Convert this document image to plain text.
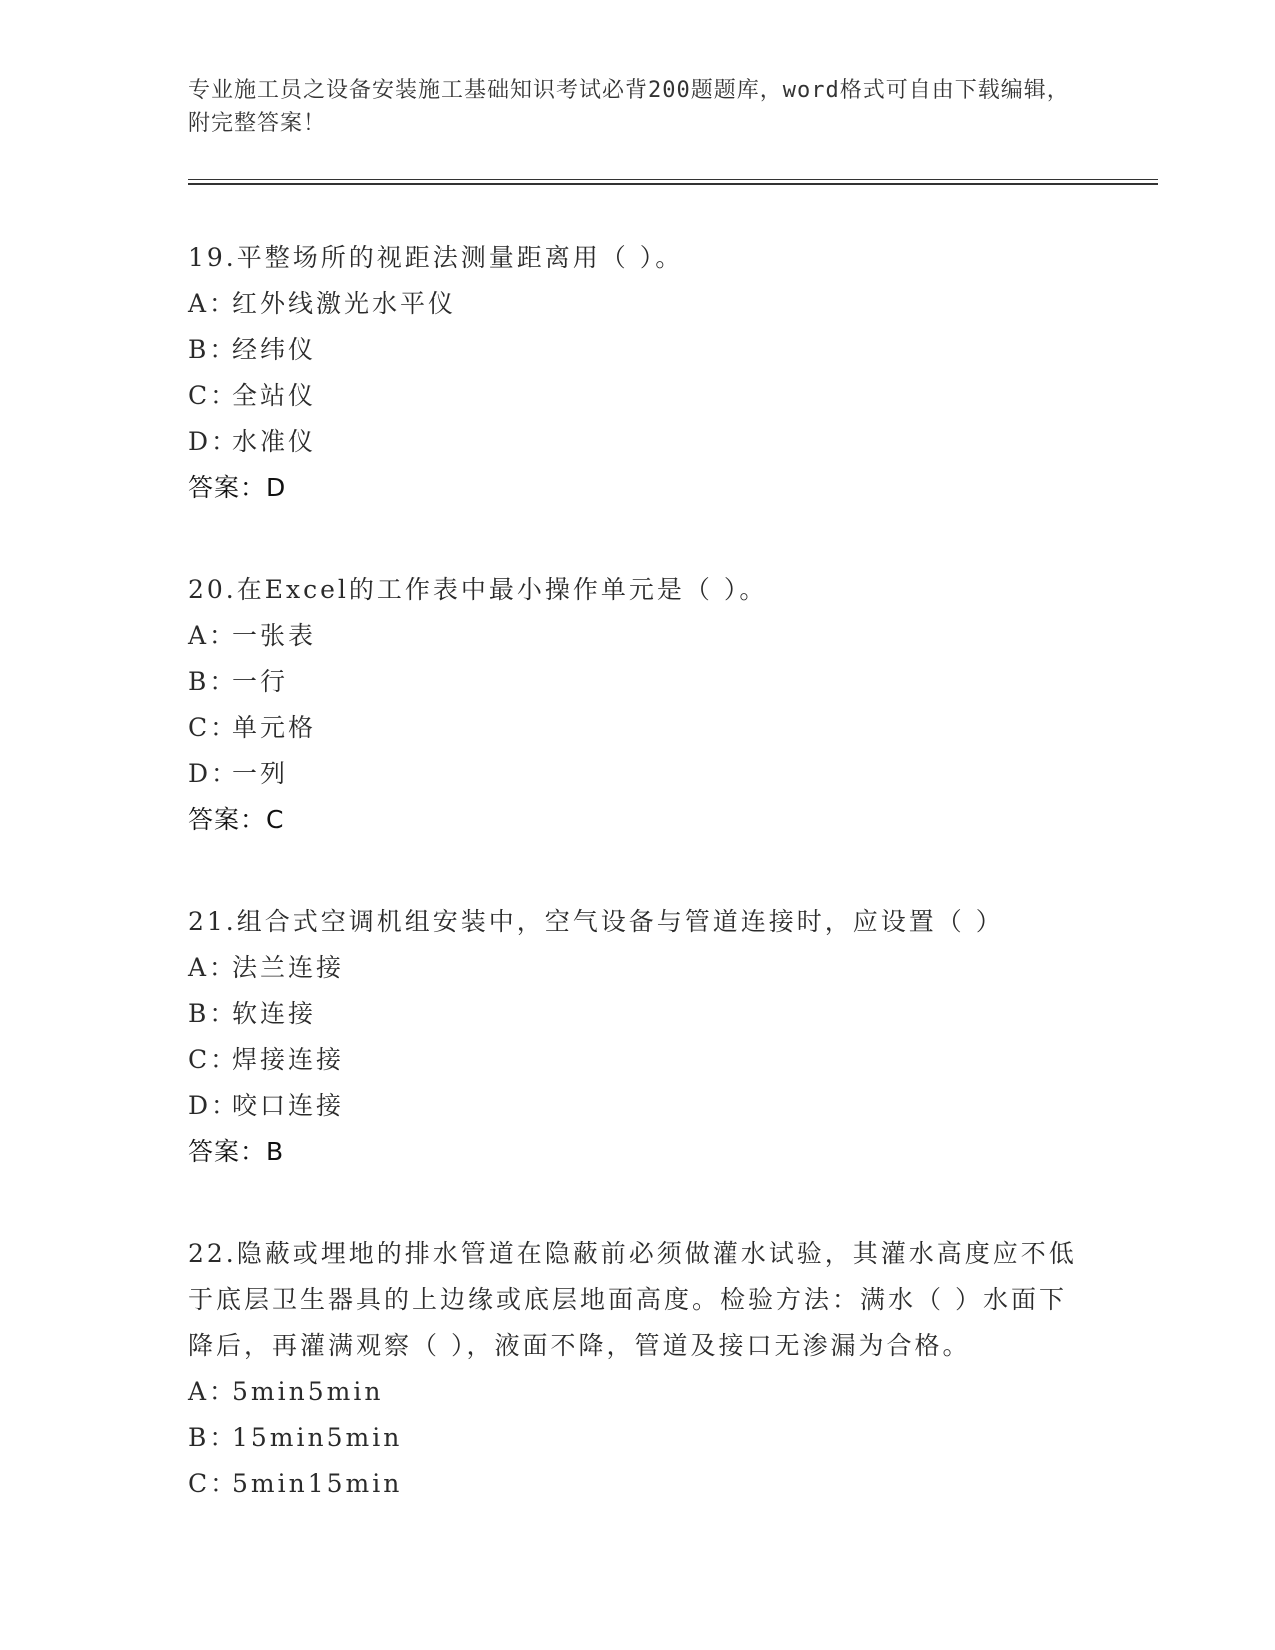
专业施工员之设备安装施工基础知识考试必背200题题库，word格式可自由下载编辑，附完整答案！
19.平整场所的视距法测量距离用（ ）。
A：红外线激光水平仪
B：经纬仪
C：全站仪
D：水准仪
答案：D
20.在Excel的工作表中最小操作单元是（ ）。
A：一张表
B：一行
C：单元格
D：一列
答案：C
21.组合式空调机组安装中，空气设备与管道连接时，应设置（ ）
A：法兰连接
B：软连接
C：焊接连接
D：咬口连接
答案：B
22.隐蔽或埋地的排水管道在隐蔽前必须做灌水试验，其灌水高度应不低于底层卫生器具的上边缘或底层地面高度。检验方法：满水（ ）水面下降后，再灌满观察（ ），液面不降，管道及接口无渗漏为合格。
A：5min5min
B：15min5min
C：5min15min
